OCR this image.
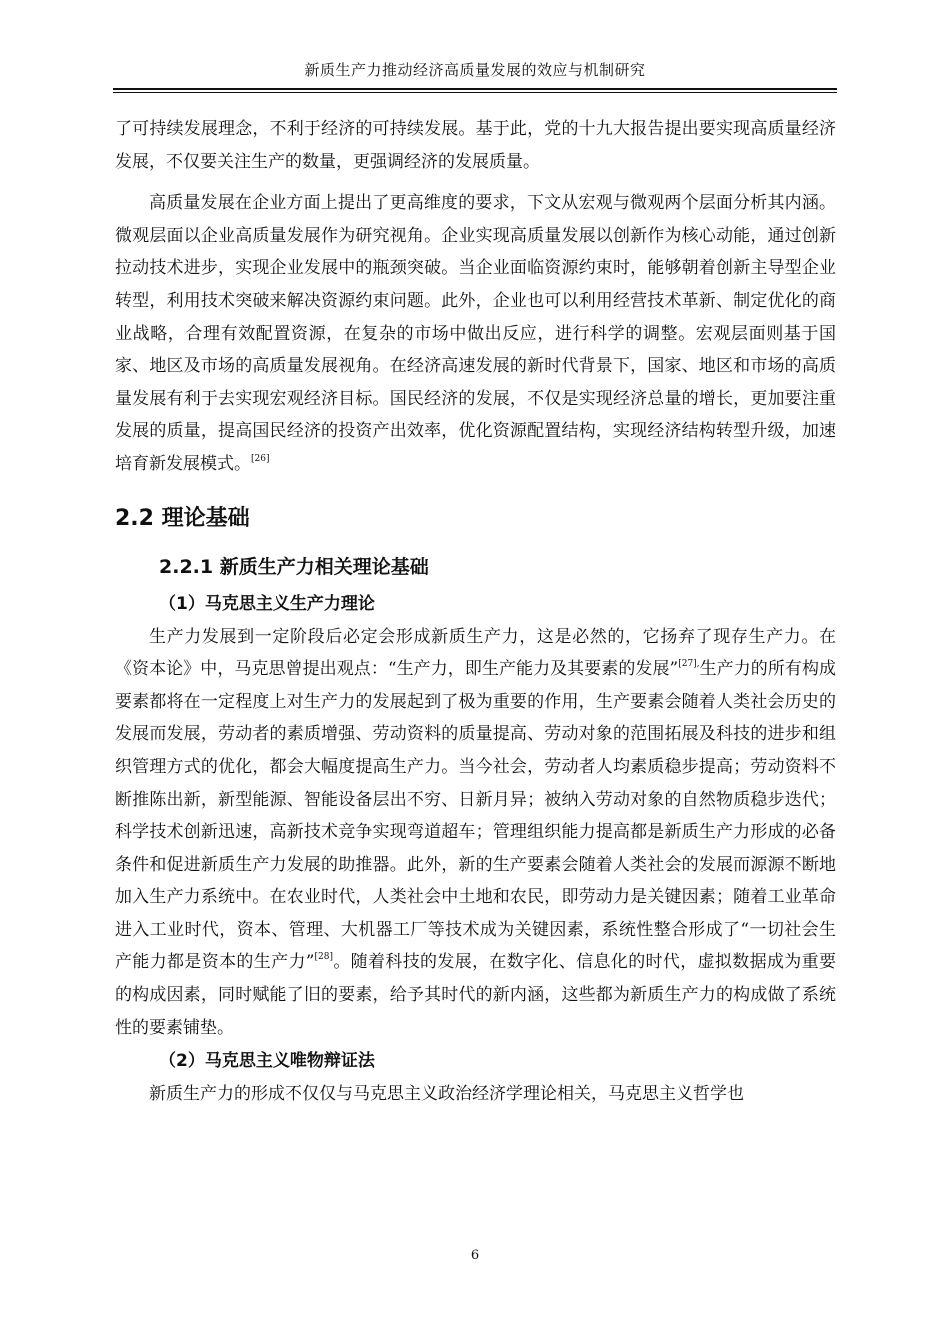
新质生产力推动经济高质量发展的效应与机制研究

了可持续发展理念，不利于经济的可持续发展。基于此，党的十九大报告提出要实现高质量经济发展，不仅要关注生产的数量，更强调经济的发展质量。

高质量发展在企业方面上提出了更高维度的要求，下文从宏观与微观两个层面分析其内涵。微观层面以企业高质量发展作为研究视角。企业实现高质量发展以创新作为核心动能，通过创新拉动技术进步，实现企业发展中的瓶颈突破。当企业面临资源约束时，能够朝着创新主导型企业转型，利用技术突破来解决资源约束问题。此外，企业也可以利用经营技术革新、制定优化的商业战略，合理有效配置资源，在复杂的市场中做出反应，进行科学的调整。宏观层面则基于国家、地区及市场的高质量发展视角。在经济高速发展的新时代背景下，国家、地区和市场的高质量发展有利于去实现宏观经济目标。国民经济的发展，不仅是实现经济总量的增长，更加要注重发展的质量，提高国民经济的投资产出效率，优化资源配置结构，实现经济结构转型升级，加速培育新发展模式。[26]

2.2 理论基础
2.2.1 新质生产力相关理论基础
（1）马克思主义生产力理论

生产力发展到一定阶段后必定会形成新质生产力，这是必然的，它扬弃了现存生产力。在《资本论》中，马克思曾提出观点：“生产力，即生产能力及其要素的发展”$^{[27],}$生产力的所有构成要素都将在一定程度上对生产力的发展起到了极为重要的作用，生产要素会随着人类社会历史的发展而发展，劳动者的素质增强、劳动资料的质量提高、劳动对象的范围拓展及科技的进步和组织管理方式的优化，都会大幅度提高生产力。当今社会，劳动者人均素质稳步提高；劳动资料不断推陈出新，新型能源、智能设备层出不穷、日新月异；被纳入劳动对象的自然物质稳步迭代；科学技术创新迅速，高新技术竞争实现弯道超车；管理组织能力提高都是新质生产力形成的必备条件和促进新质生产力发展的助推器。此外，新的生产要素会随着人类社会的发展而源源不断地加入生产力系统中。在农业时代，人类社会中土地和农民，即劳动力是关键因素；随着工业革命进入工业时代，资本、管理、大机器工厂等技术成为关键因素，系统性整合形成了“一切社会生产能力都是资本的生产力”[28]。随着科技的发展，在数字化、信息化的时代，虚拟数据成为重要的构成因素，同时赋能了旧的要素，给予其时代的新内涵，这些都为新质生产力的构成做了系统性的要素铺垫。

（2）马克思主义唯物辩证法

新质生产力的形成不仅仅与马克思主义政治经济学理论相关，马克思主义哲学也

6
